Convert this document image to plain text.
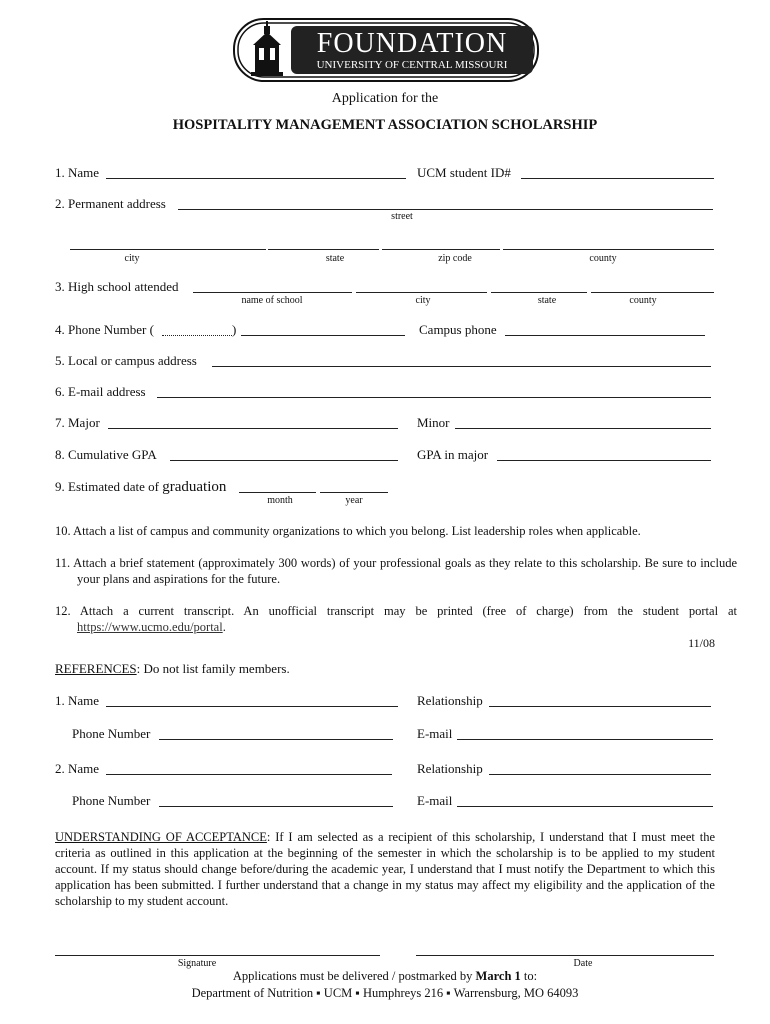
FOUNDATION
UNIVERSITY OF CENTRAL MISSOURI
Application for the
HOSPITALITY MANAGEMENT ASSOCIATION SCHOLARSHIP
1. Name	UCM student ID#
2. Permanent address
street
city	state	zip code	county
3. High school attended
name of school	city	state	county
4. Phone Number (	)	Campus phone
5. Local or campus address
6. E-mail address
7. Major	Minor
8. Cumulative GPA	GPA in major
9. Estimated date of graduation
month	year
10. Attach a list of campus and community organizations to which you belong. List leadership roles when applicable.
11. Attach a brief statement (approximately 300 words) of your professional goals as they relate to this scholarship. Be sure to include your plans and aspirations for the future.
12. Attach a current transcript. An unofficial transcript may be printed (free of charge) from the student portal at https://www.ucmo.edu/portal.
11/08
REFERENCES: Do not list family members.
1. Name	Relationship
Phone Number	E-mail
2. Name	Relationship
Phone Number	E-mail
UNDERSTANDING OF ACCEPTANCE: If I am selected as a recipient of this scholarship, I understand that I must meet the criteria as outlined in this application at the beginning of the semester in which the scholarship is to be applied to my student account. If my status should change before/during the academic year, I understand that I must notify the Department to which this application has been submitted. I further understand that a change in my status may affect my eligibility and the application of the scholarship to my student account.
Signature	Date
Applications must be delivered / postmarked by March 1 to:
Department of Nutrition ▪ UCM ▪ Humphreys 216 ▪ Warrensburg, MO 64093
